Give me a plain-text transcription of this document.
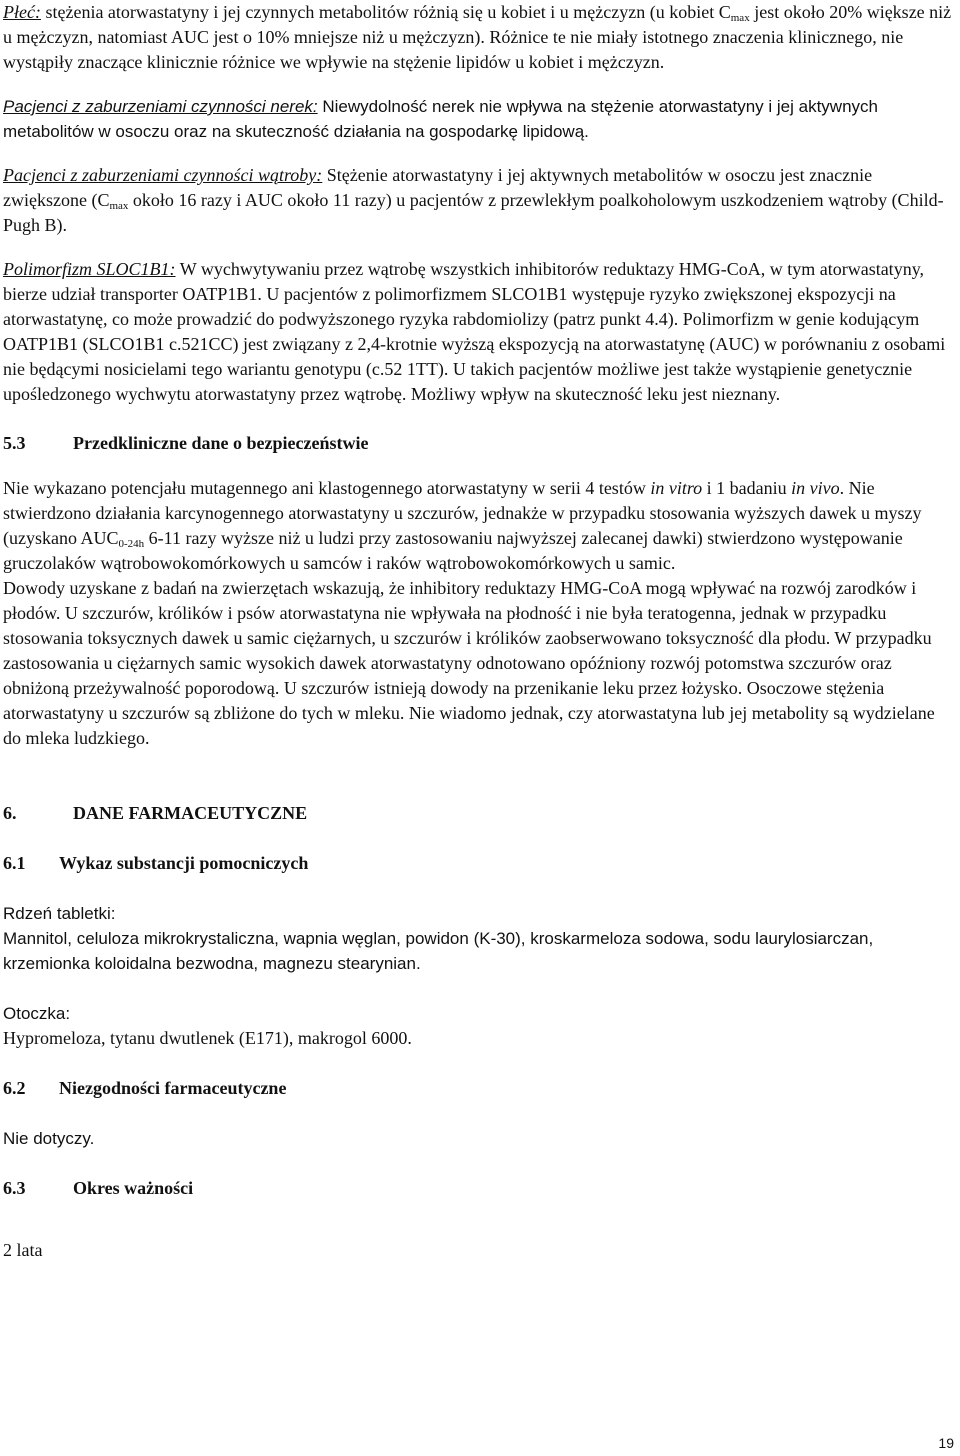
Płeć: stężenia atorwastatyny i jej czynnych metabolitów różnią się u kobiet i u mężczyzn (u kobiet $C_{max}$ jest około 20% większe niż u mężczyzn, natomiast AUC jest o 10% mniejsze niż u mężczyzn). Różnice te nie miały istotnego znaczenia klinicznego, nie wystąpiły znaczące klinicznie różnice we wpływie na stężenie lipidów u kobiet i mężczyzn.

Pacjenci z zaburzeniami czynności nerek: Niewydolność nerek nie wpływa na stężenie atorwastatyny i jej aktywnych metabolitów w osoczu oraz na skuteczność działania na gospodarkę lipidową.

Pacjenci z zaburzeniami czynności wątroby: Stężenie atorwastatyny i jej aktywnych metabolitów w osoczu jest znacznie zwiększone ($C_{max}$ około 16 razy i AUC około 11 razy) u pacjentów z przewlekłym poalkoholowym uszkodzeniem wątroby (Child-Pugh B).

Polimorfizm SLOC1B1: W wychwytywaniu przez wątrobę wszystkich inhibitorów reduktazy HMG-CoA, w tym atorwastatyny, bierze udział transporter OATP1B1. U pacjentów z polimorfizmem SLCO1B1 występuje ryzyko zwiększonej ekspozycji na atorwastatynę, co może prowadzić do podwyższonego ryzyka rabdomiolizy (patrz punkt 4.4). Polimorfizm w genie kodującym OATP1B1 (SLCO1B1 c.521CC) jest związany z 2,4-krotnie wyższą ekspozycją na atorwastatynę (AUC) w porównaniu z osobami nie będącymi nosicielami tego wariantu genotypu (c.52 1TT). U takich pacjentów możliwe jest także wystąpienie genetycznie upośledzonego wychwytu atorwastatyny przez wątrobę. Możliwy wpływ na skuteczność leku jest nieznany.

5.3	Przedkliniczne dane o bezpieczeństwie

Nie wykazano potencjału mutagennego ani klastogennego atorwastatyny w serii 4 testów in vitro i 1 badaniu in vivo. Nie stwierdzono działania karcynogennego atorwastatyny u szczurów, jednakże w przypadku stosowania wyższych dawek u myszy (uzyskano $AUC_{0-24h}$ 6-11 razy wyższe niż u ludzi przy zastosowaniu najwyższej zalecanej dawki) stwierdzono występowanie gruczolaków wątrobowokomórkowych u samców i raków wątrobowokomórkowych u samic.

Dowody uzyskane z badań na zwierzętach wskazują, że inhibitory reduktazy HMG-CoA mogą wpływać na rozwój zarodków i płodów. U szczurów, królików i psów atorwastatyna nie wpływała na płodność i nie była teratogenna, jednak w przypadku stosowania toksycznych dawek u samic ciężarnych, u szczurów i królików zaobserwowano toksyczność dla płodu. W przypadku zastosowania u ciężarnych samic wysokich dawek atorwastatyny odnotowano opóźniony rozwój potomstwa szczurów oraz obniżoną przeżywalność poporodową. U szczurów istnieją dowody na przenikanie leku przez łożysko. Osoczowe stężenia atorwastatyny u szczurów są zbliżone do tych w mleku. Nie wiadomo jednak, czy atorwastatyna lub jej metabolity są wydzielane do mleka ludzkiego.

6.	DANE FARMACEUTYCZNE
6.1	Wykaz substancji pomocniczych

Rdzeń tabletki:

Mannitol, celuloza mikrokrystaliczna, wapnia węglan, powidon (K-30), kroskarmeloza sodowa, sodu laurylosiarczan, krzemionka koloidalna bezwodna, magnezu stearynian.

Otoczka:

Hypromeloza, tytanu dwutlenek (E171), makrogol 6000.

6.2	Niezgodności farmaceutyczne

Nie dotyczy.

6.3	Okres ważności

2 lata

19
